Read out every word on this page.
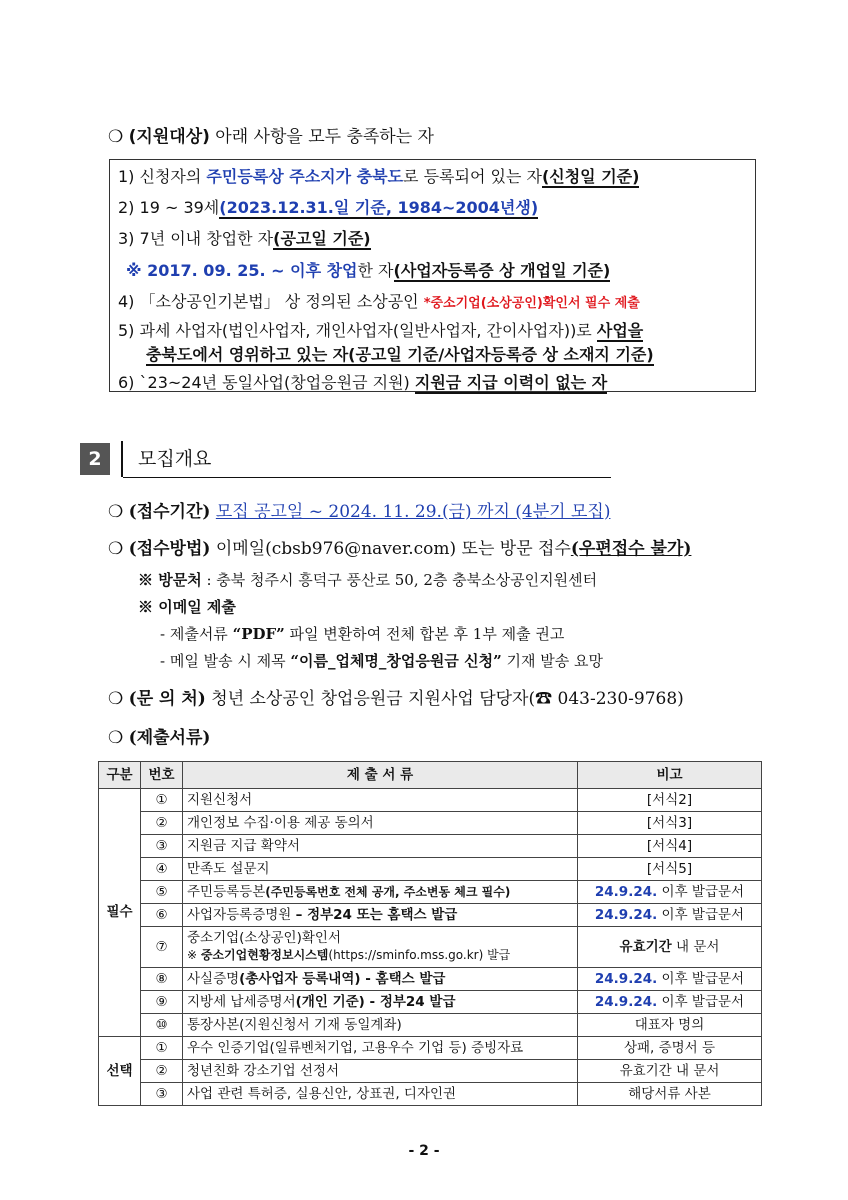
❍ (지원대상) 아래 사항을 모두 충족하는 자
1) 신청자의 주민등록상 주소지가 충북도로 등록되어 있는 자(신청일 기준)
2) 19 ~ 39세(2023.12.31.일 기준, 1984~2004년생)
3) 7년 이내 창업한 자(공고일 기준)
※ 2017. 09. 25. ~ 이후 창업한 자(사업자등록증 상 개업일 기준)
4) 「소상공인기본법」 상 정의된 소상공인 *중소기업(소상공인)확인서 필수 제출
5) 과세 사업자(법인사업자, 개인사업자(일반사업자, 간이사업자))로 사업을
충북도에서 영위하고 있는 자(공고일 기준/사업자등록증 상 소재지 기준)
6) `23~24년 동일사업(창업응원금 지원) 지원금 지급 이력이 없는 자
2	모집개요
❍ (접수기간) 모집 공고일 ~ 2024. 11. 29.(금) 까지 (4분기 모집)
❍ (접수방법) 이메일(cbsb976@naver.com) 또는 방문 접수(우편접수 불가)
※ 방문처 : 충북 청주시 흥덕구 풍산로 50, 2층 충북소상공인지원센터
※ 이메일 제출
- 제출서류 “PDF” 파일 변환하여 전체 합본 후 1부 제출 권고
- 메일 발송 시 제목 “이름_업체명_창업응원금 신청” 기재 발송 요망
❍ (문 의 처) 청년 소상공인 창업응원금 지원사업 담당자(☎ 043-230-9768)
❍ (제출서류)
구분	번호	제 출 서 류	비고
필수	①	지원신청서	[서식2]
	②	개인정보 수집·이용 제공 동의서	[서식3]
	③	지원금 지급 확약서	[서식4]
	④	만족도 설문지	[서식5]
	⑤	주민등록등본(주민등록번호 전체 공개, 주소변동 체크 필수)	24.9.24. 이후 발급문서
	⑥	사업자등록증명원 – 정부24 또는 홈택스 발급	24.9.24. 이후 발급문서
	⑦	중소기업(소상공인)확인서
※ 중소기업현황정보시스템(https://sminfo.mss.go.kr) 발급	유효기간 내 문서
	⑧	사실증명(총사업자 등록내역) - 홈택스 발급	24.9.24. 이후 발급문서
	⑨	지방세 납세증명서(개인 기준) - 정부24 발급	24.9.24. 이후 발급문서
	⑩	통장사본(지원신청서 기재 동일계좌)	대표자 명의
선택	①	우수 인증기업(일류벤처기업, 고용우수 기업 등) 증빙자료	상패, 증명서 등
	②	청년친화 강소기업 선정서	유효기간 내 문서
	③	사업 관련 특허증, 실용신안, 상표권, 디자인권	해당서류 사본
- 2 -
